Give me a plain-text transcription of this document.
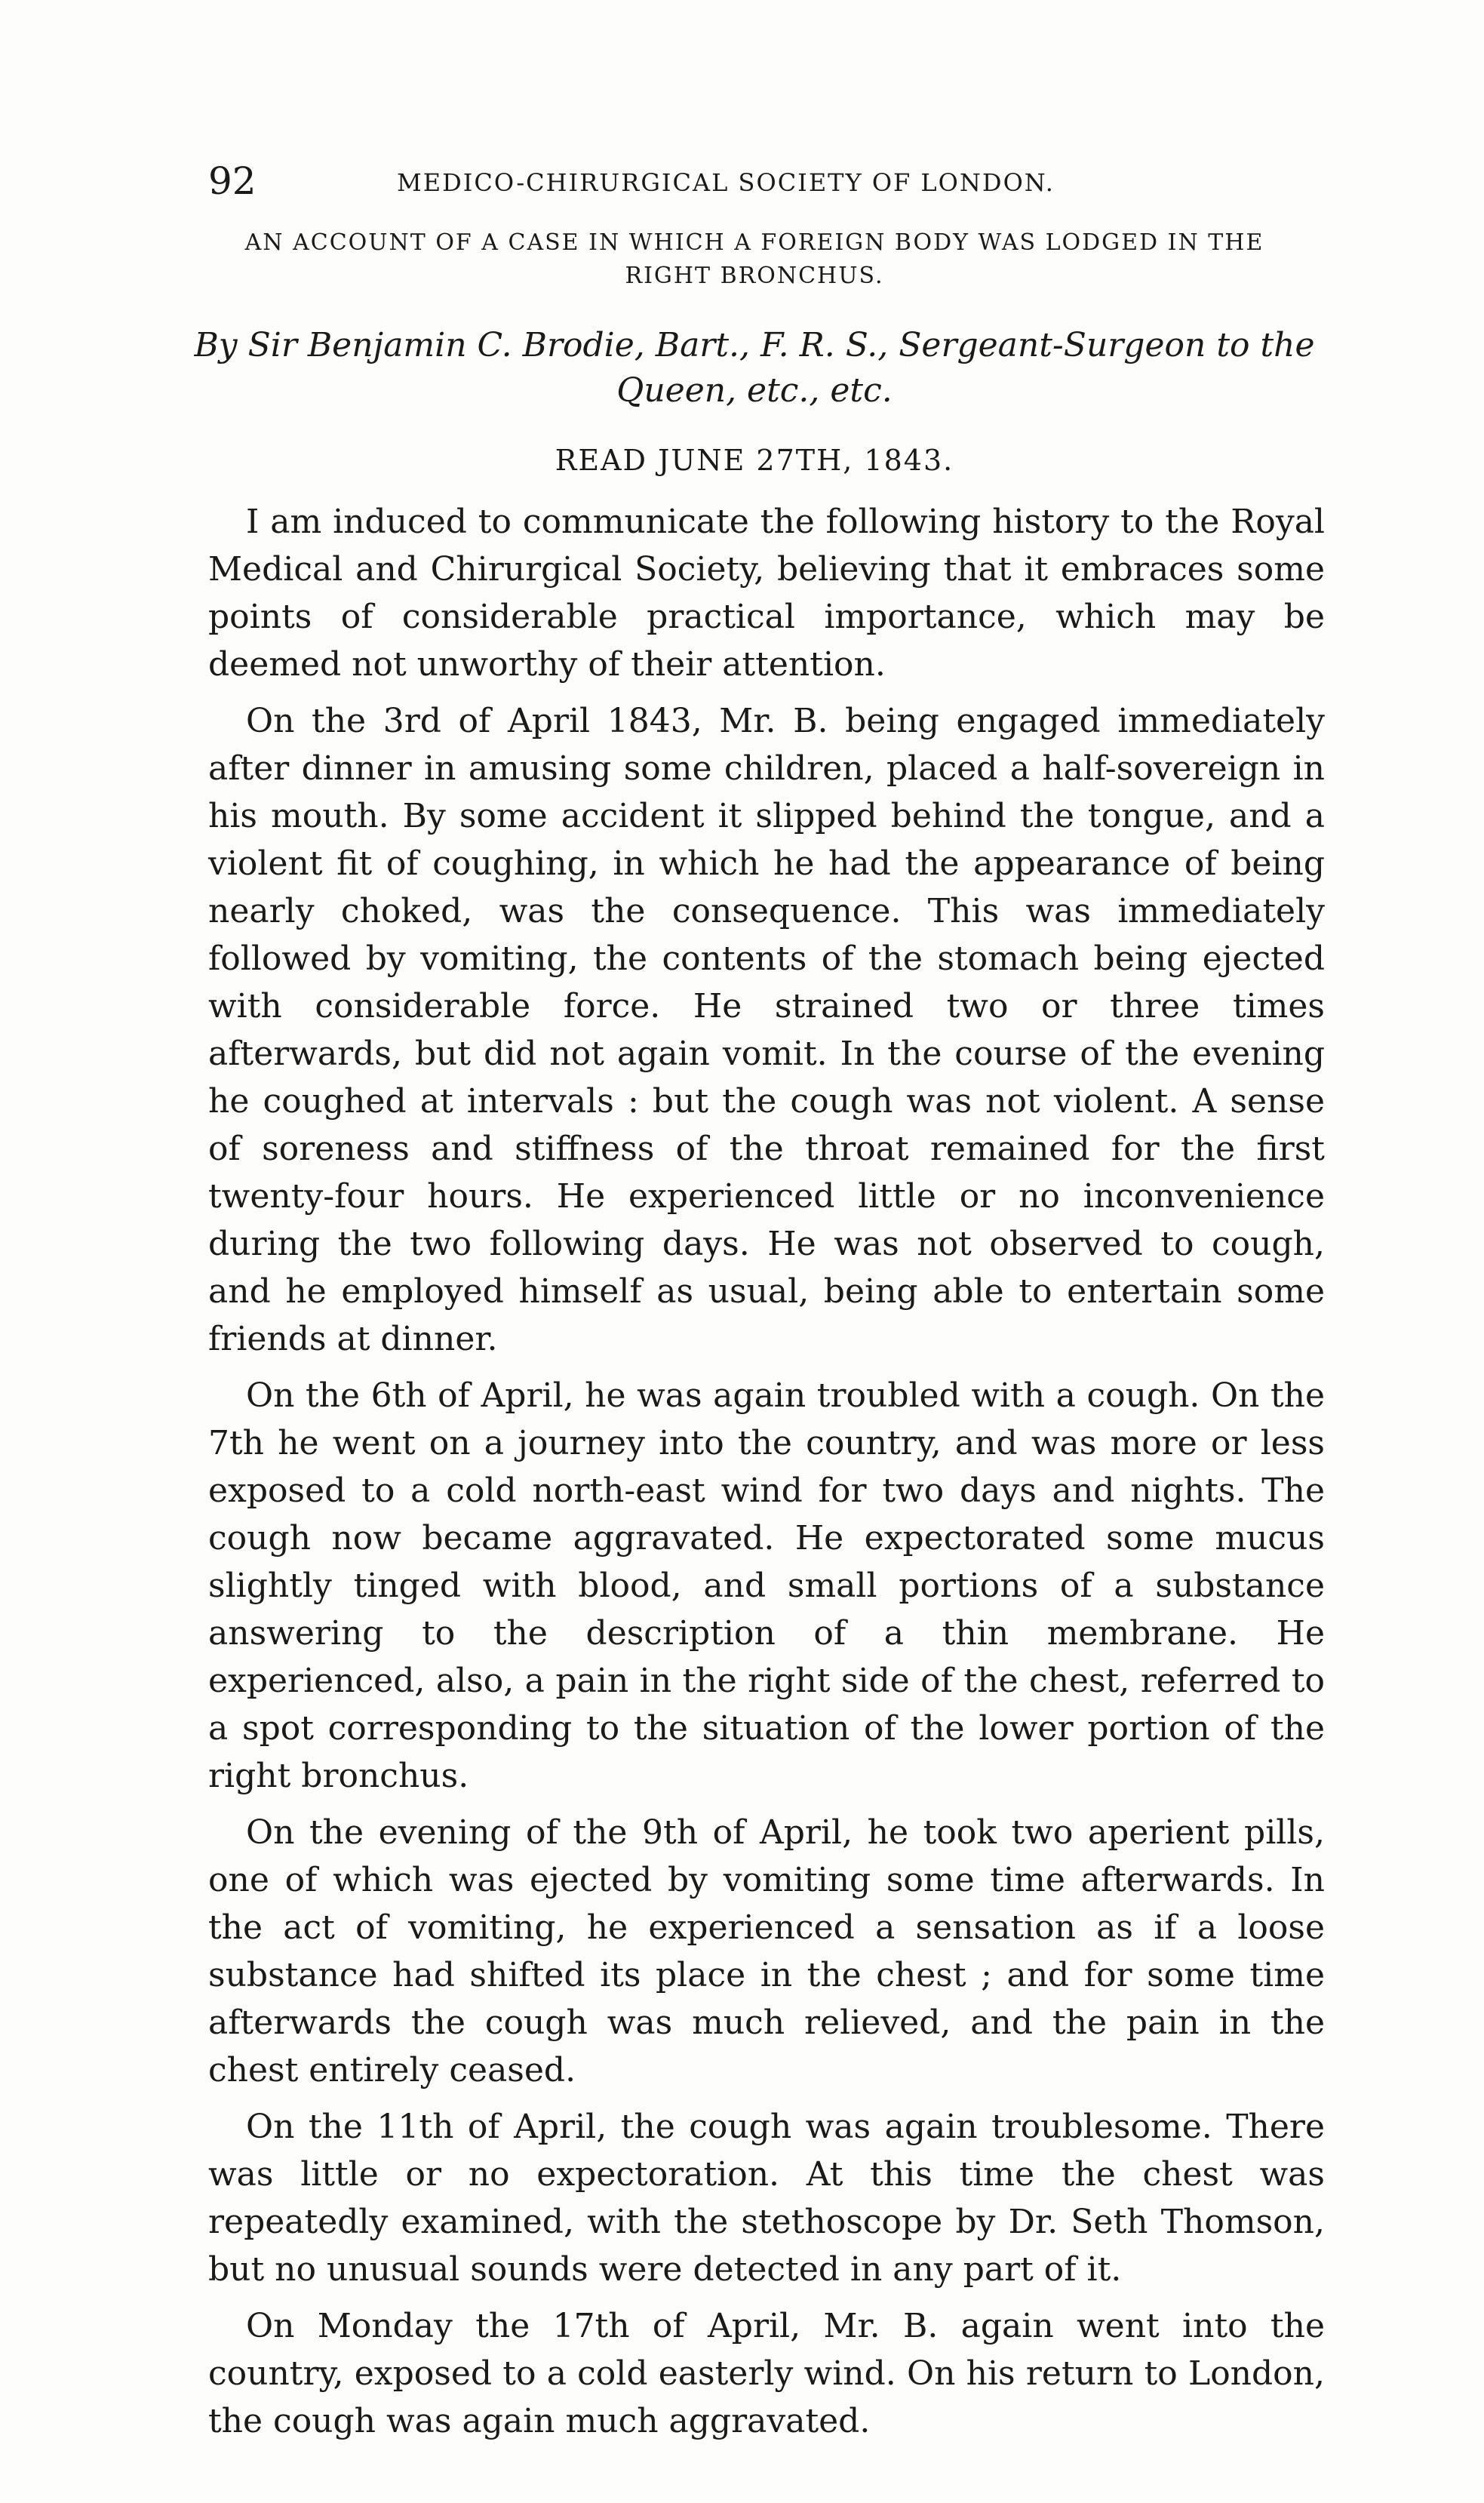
92	MEDICO-CHIRURGICAL SOCIETY OF LONDON.
AN ACCOUNT OF A CASE IN WHICH A FOREIGN BODY WAS LODGED IN THE RIGHT BRONCHUS.
By Sir Benjamin C. Brodie, Bart., F. R. S., Sergeant-Surgeon to the Queen, etc., etc.
READ JUNE 27TH, 1843.

I am induced to communicate the following history to the Royal Medical and Chirurgical Society, believing that it embraces some points of considerable practical importance, which may be deemed not unworthy of their attention.

On the 3rd of April 1843, Mr. B. being engaged immediately after dinner in amusing some children, placed a half-sovereign in his mouth. By some accident it slipped behind the tongue, and a violent fit of coughing, in which he had the appearance of being nearly choked, was the consequence. This was immediately followed by vomiting, the contents of the stomach being ejected with considerable force. He strained two or three times afterwards, but did not again vomit. In the course of the evening he coughed at intervals : but the cough was not violent. A sense of soreness and stiffness of the throat remained for the first twenty-four hours. He experienced little or no inconvenience during the two following days. He was not observed to cough, and he employed himself as usual, being able to entertain some friends at dinner.

On the 6th of April, he was again troubled with a cough. On the 7th he went on a journey into the country, and was more or less exposed to a cold north-east wind for two days and nights. The cough now became aggravated. He expectorated some mucus slightly tinged with blood, and small portions of a substance answering to the description of a thin membrane. He experienced, also, a pain in the right side of the chest, referred to a spot corresponding to the situation of the lower portion of the right bronchus.

On the evening of the 9th of April, he took two aperient pills, one of which was ejected by vomiting some time afterwards. In the act of vomiting, he experienced a sensation as if a loose substance had shifted its place in the chest ; and for some time afterwards the cough was much relieved, and the pain in the chest entirely ceased.

On the 11th of April, the cough was again troublesome. There was little or no expectoration. At this time the chest was repeatedly examined, with the stethoscope by Dr. Seth Thomson, but no unusual sounds were detected in any part of it.

On Monday the 17th of April, Mr. B. again went into the country, exposed to a cold easterly wind. On his return to London, the cough was again much aggravated.
